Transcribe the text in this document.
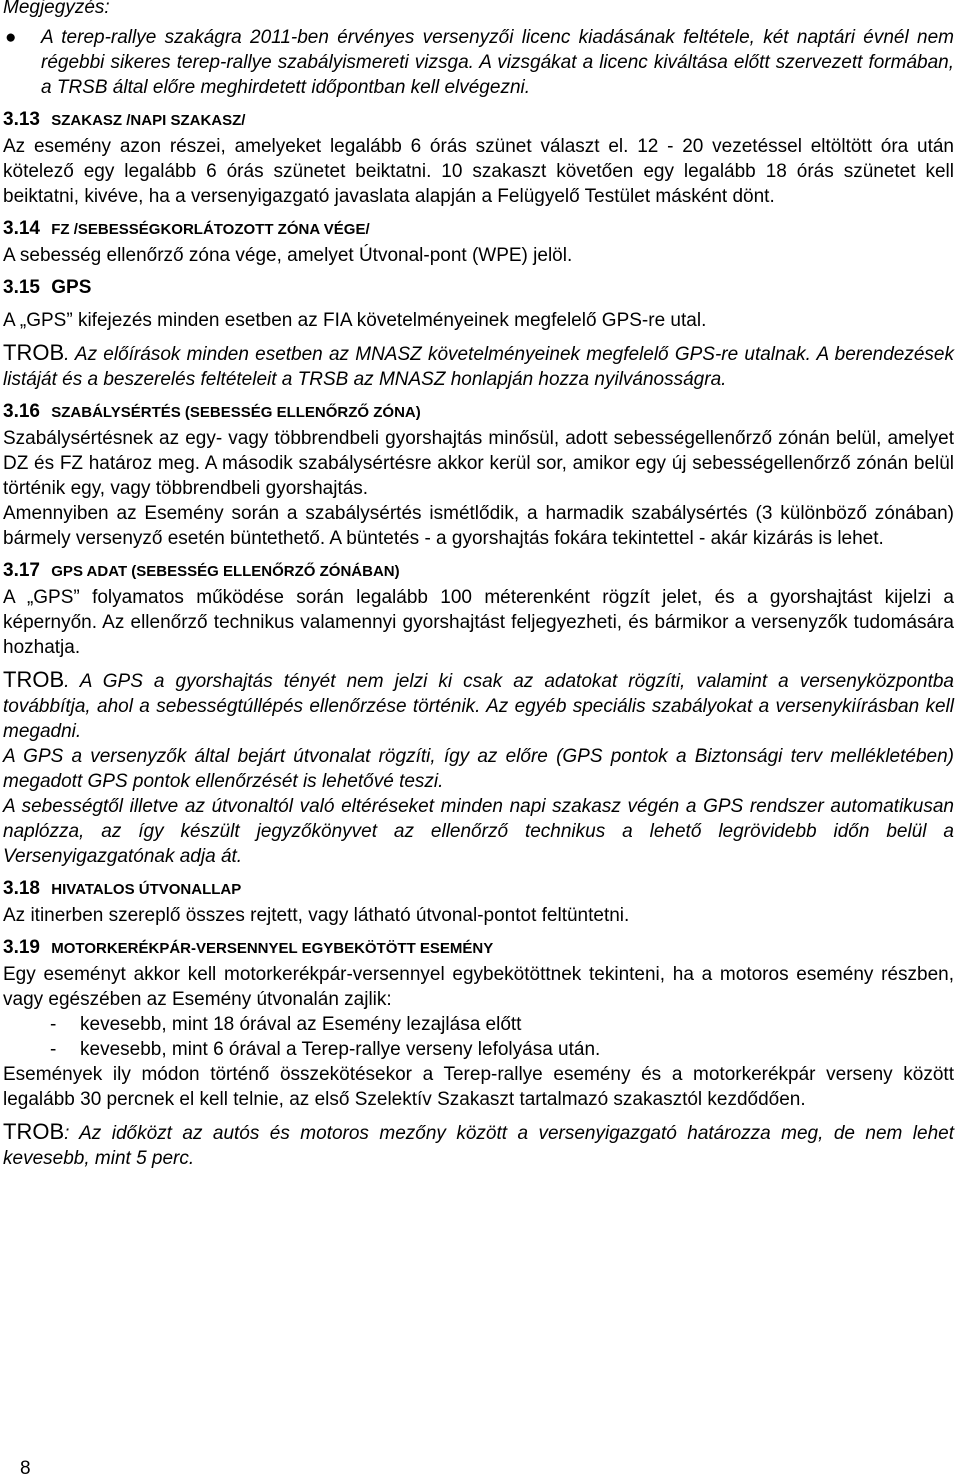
Megjegyzés:

● A terep-rallye szakágra 2011-ben érvényes versenyzői licenc kiadásának feltétele, két naptári évnél nem régebbi sikeres terep-rallye szabályismereti vizsga. A vizsgákat a licenc kiváltása előtt szervezett formában, a TRSB által előre meghirdetett időpontban kell elvégezni.

3.13 SZAKASZ /NAPI SZAKASZ/

Az esemény azon részei, amelyeket legalább 6 órás szünet választ el. 12 - 20 vezetéssel eltöltött óra után kötelező egy legalább 6 órás szünetet beiktatni. 10 szakaszt követően egy legalább 18 órás szünetet kell beiktatni, kivéve, ha a versenyigazgató javaslata alapján a Felügyelő Testület másként dönt.

3.14 FZ /SEBESSÉGKORLÁTOZOTT ZÓNA VÉGE/

A sebesség ellenőrző zóna vége, amelyet Útvonal-pont (WPE) jelöl.

3.15 GPS

A „GPS” kifejezés minden esetben az FIA követelményeinek megfelelő GPS-re utal.

TROB. Az előírások minden esetben az MNASZ követelményeinek megfelelő GPS-re utalnak. A berendezések listáját és a beszerelés feltételeit a TRSB az MNASZ honlapján hozza nyilvánosságra.

3.16 SZABÁLYSÉRTÉS (SEBESSÉG ELLENŐRZŐ ZÓNA)

Szabálysértésnek az egy- vagy többrendbeli gyorshajtás minősül, adott sebességellenőrző zónán belül, amelyet DZ és FZ határoz meg. A második szabálysértésre akkor kerül sor, amikor egy új sebességellenőrző zónán belül történik egy, vagy többrendbeli gyorshajtás.

Amennyiben az Esemény során a szabálysértés ismétlődik, a harmadik szabálysértés (3 különböző zónában) bármely versenyző esetén büntethető. A büntetés - a gyorshajtás fokára tekintettel - akár kizárás is lehet.

3.17 GPS ADAT (SEBESSÉG ELLENŐRZŐ ZÓNÁBAN)

A „GPS” folyamatos működése során legalább 100 méterenként rögzít jelet, és a gyorshajtást kijelzi a képernyőn. Az ellenőrző technikus valamennyi gyorshajtást feljegyezheti, és bármikor a versenyzők tudomására hozhatja.

TROB. A GPS a gyorshajtás tényét nem jelzi ki csak az adatokat rögzíti, valamint a versenyközpontba továbbítja, ahol a sebességtúllépés ellenőrzése történik. Az egyéb speciális szabályokat a versenykiírásban kell megadni.

A GPS a versenyzők által bejárt útvonalat rögzíti, így az előre (GPS pontok a Biztonsági terv mellékletében) megadott GPS pontok ellenőrzését is lehetővé teszi.

A sebességtől illetve az útvonaltól való eltéréseket minden napi szakasz végén a GPS rendszer automatikusan naplózza, az így készült jegyzőkönyvet az ellenőrző technikus a lehető legrövidebb időn belül a Versenyigazgatónak adja át.

3.18 HIVATALOS ÚTVONALLAP

Az itinerben szereplő összes rejtett, vagy látható útvonal-pontot feltüntetni.

3.19 MOTORKERÉKPÁR-VERSENNYEL EGYBEKÖTÖTT ESEMÉNY

Egy eseményt akkor kell motorkerékpár-versennyel egybekötöttnek tekinteni, ha a motoros esemény részben, vagy egészében az Esemény útvonalán zajlik:

-	kevesebb, mint 18 órával az Esemény lezajlása előtt
-	kevesebb, mint 6 órával a Terep-rallye verseny lefolyása után.

Események ily módon történő összekötésekor a Terep-rallye esemény és a motorkerékpár verseny között legalább 30 percnek el kell telnie, az első Szelektív Szakaszt tartalmazó szakasztól kezdődően.

TROB: Az időközt az autós és motoros mezőny között a versenyigazgató határozza meg, de nem lehet kevesebb, mint 5 perc.

8
